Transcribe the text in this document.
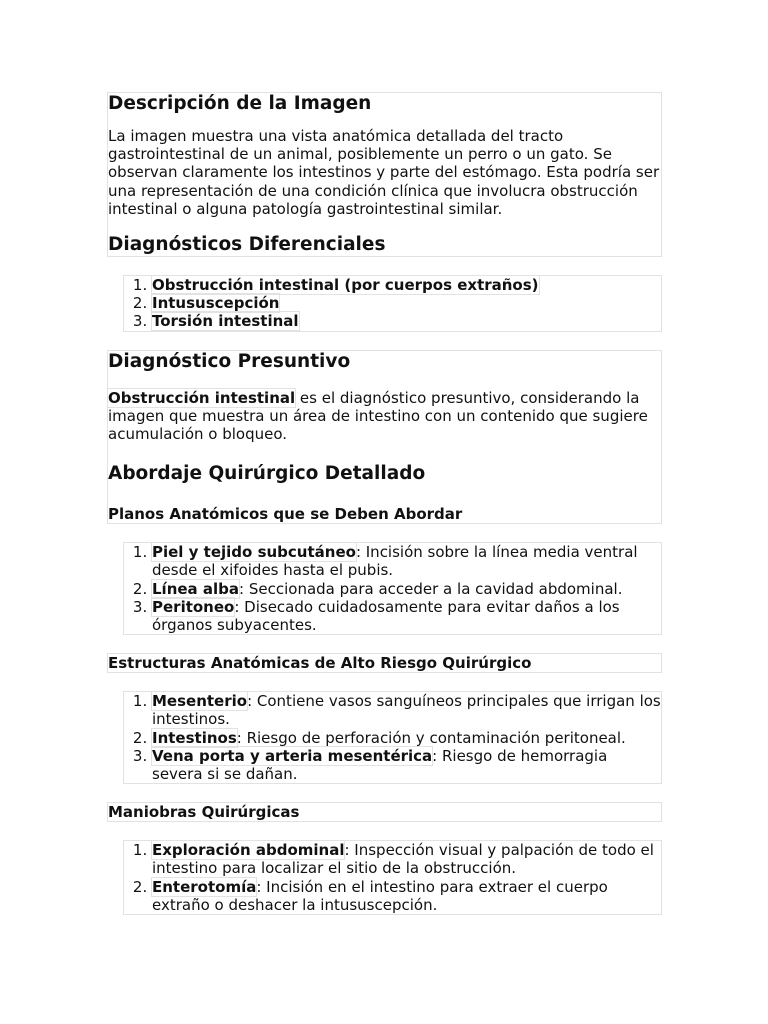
Descripción de la Imagen

La imagen muestra una vista anatómica detallada del tracto gastrointestinal de un animal, posiblemente un perro o un gato. Se observan claramente los intestinos y parte del estómago. Esta podría ser una representación de una condición clínica que involucra obstrucción intestinal o alguna patología gastrointestinal similar.

Diagnósticos Diferenciales
1. Obstrucción intestinal (por cuerpos extraños)
2. Intususcepción
3. Torsión intestinal
Diagnóstico Presuntivo

Obstrucción intestinal es el diagnóstico presuntivo, considerando la imagen que muestra un área de intestino con un contenido que sugiere acumulación o bloqueo.

Abordaje Quirúrgico Detallado
Planos Anatómicos que se Deben Abordar
1. Piel y tejido subcutáneo: Incisión sobre la línea media ventral desde el xifoides hasta el pubis.
2. Línea alba: Seccionada para acceder a la cavidad abdominal.
3. Peritoneo: Disecado cuidadosamente para evitar daños a los órganos subyacentes.
Estructuras Anatómicas de Alto Riesgo Quirúrgico
1. Mesenterio: Contiene vasos sanguíneos principales que irrigan los intestinos.
2. Intestinos: Riesgo de perforación y contaminación peritoneal.
3. Vena porta y arteria mesentérica: Riesgo de hemorragia severa si se dañan.
Maniobras Quirúrgicas
1. Exploración abdominal: Inspección visual y palpación de todo el intestino para localizar el sitio de la obstrucción.
2. Enterotomía: Incisión en el intestino para extraer el cuerpo extraño o deshacer la intususcepción.
